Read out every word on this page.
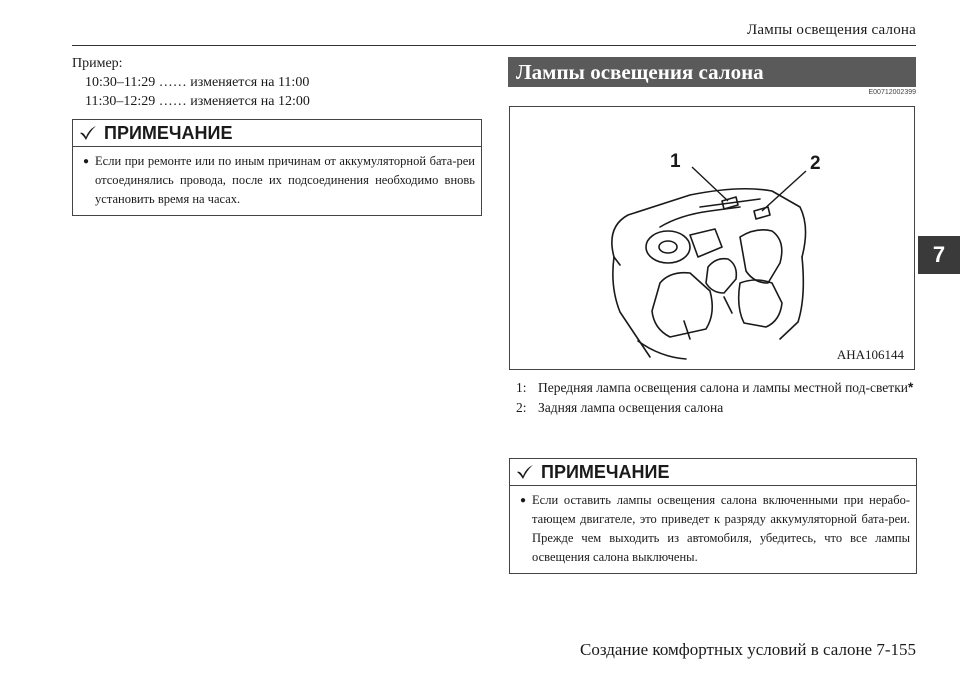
Лампы освещения салона
7
Пример:
10:30–11:29 …… изменяется на 11:00
11:30–12:29 …… изменяется на 12:00
ПРИМЕЧАНИЕ
● Если при ремонте или по иным причинам от аккумуляторной бата-реи отсоединялись провода, после их подсоединения необходимо вновь установить время на часах.
Лампы освещения салона
E00712002399
1	2
AHA106144
1: Передняя лампа освещения салона и лампы местной под-светки*
2: Задняя лампа освещения салона
ПРИМЕЧАНИЕ
● Если оставить лампы освещения салона включенными при нерабо-тающем двигателе, это приведет к разряду аккумуляторной бата-реи. Прежде чем выходить из автомобиля, убедитесь, что все лампы освещения салона выключены.
Создание комфортных условий в салоне 7-155
